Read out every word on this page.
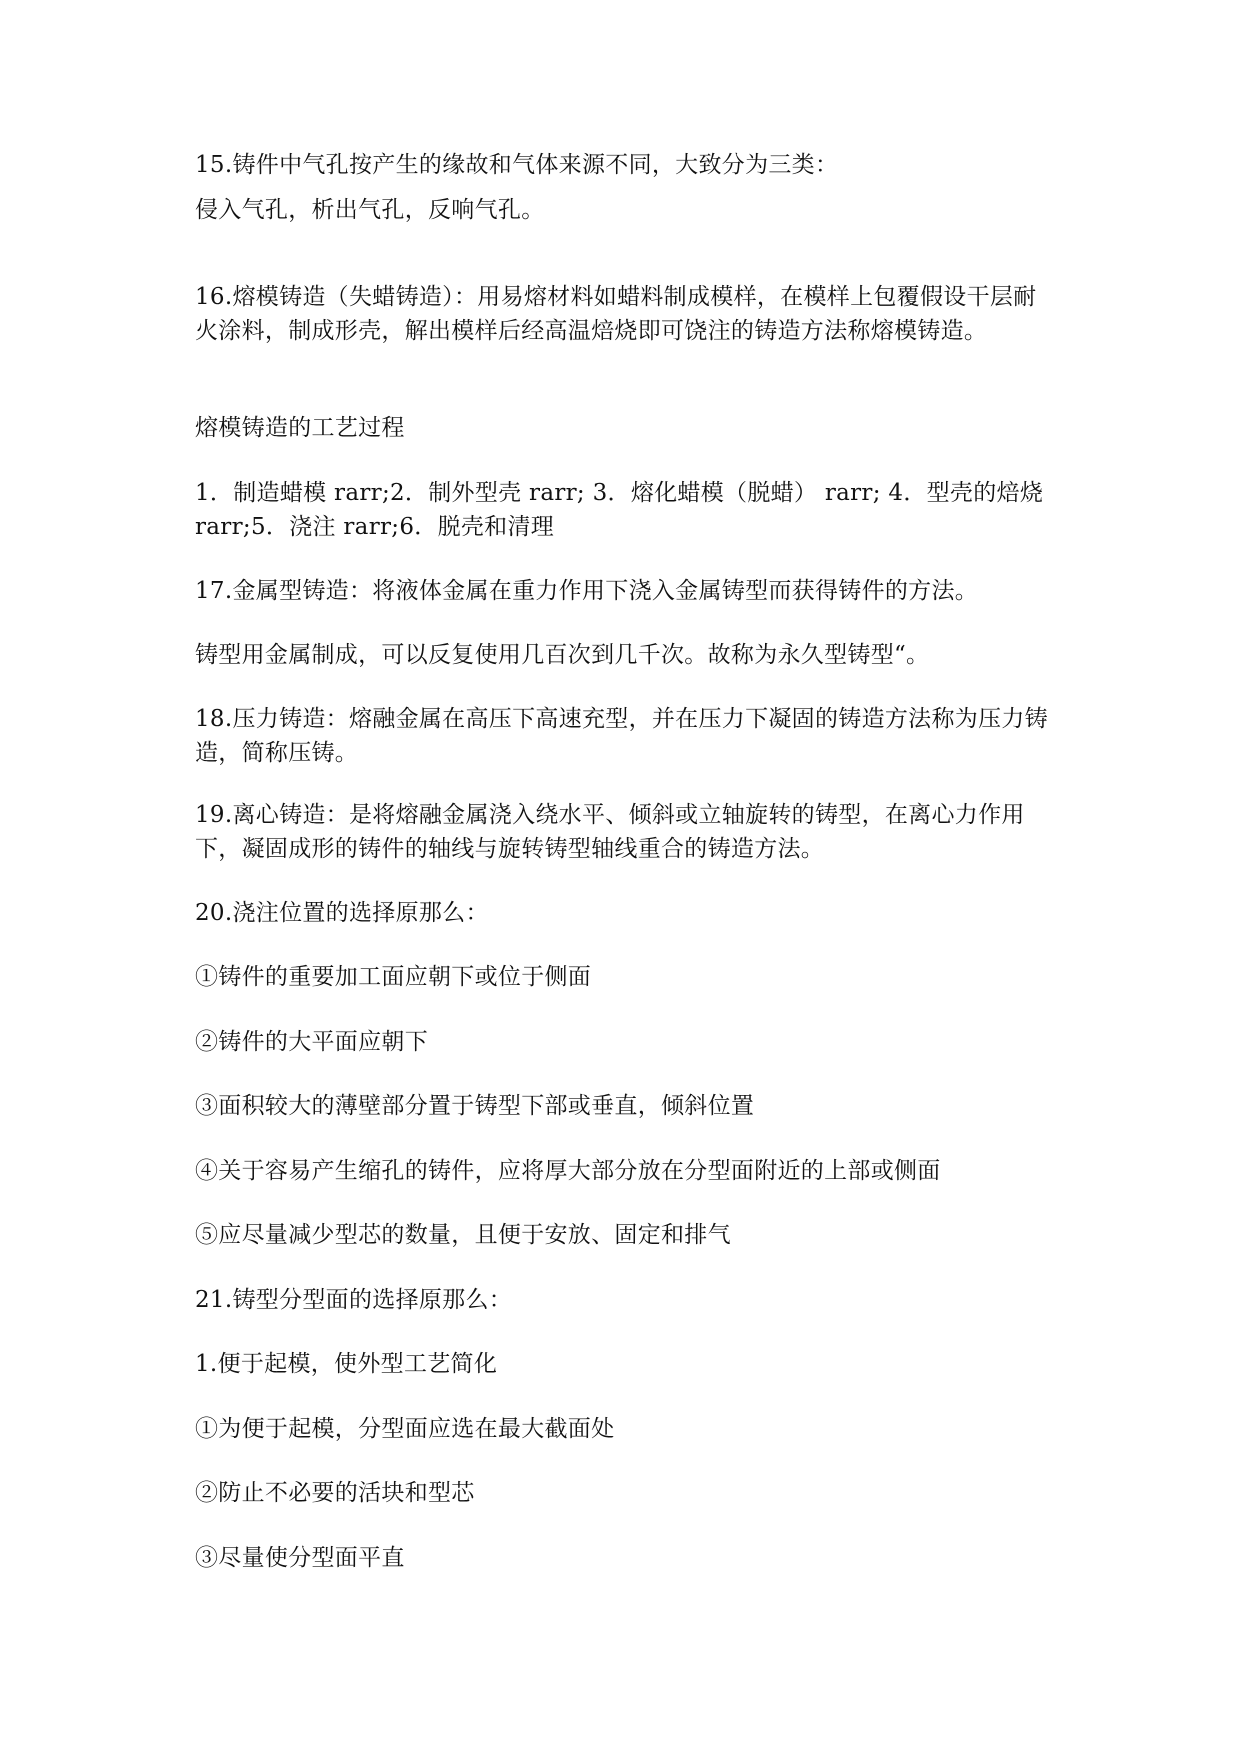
15.铸件中气孔按产生的缘故和气体来源不同，大致分为三类：

侵入气孔，析出气孔，反响气孔。

16.熔模铸造（失蜡铸造）：用易熔材料如蜡料制成模样，在模样上包覆假设干层耐火涂料，制成形壳，解出模样后经高温焙烧即可饶注的铸造方法称熔模铸造。

熔模铸造的工艺过程

1．制造蜡模 rarr;2．制外型壳 rarr; 3．熔化蜡模（脱蜡） rarr; 4．型壳的焙烧 rarr;5．浇注 rarr;6．脱壳和清理

17.金属型铸造：将液体金属在重力作用下浇入金属铸型而获得铸件的方法。

铸型用金属制成，可以反复使用几百次到几千次。故称为永久型铸型“。

18.压力铸造：熔融金属在高压下高速充型，并在压力下凝固的铸造方法称为压力铸造，简称压铸。

19.离心铸造：是将熔融金属浇入绕水平、倾斜或立轴旋转的铸型，在离心力作用下，凝固成形的铸件的轴线与旋转铸型轴线重合的铸造方法。

20.浇注位置的选择原那么：

①铸件的重要加工面应朝下或位于侧面

②铸件的大平面应朝下

③面积较大的薄壁部分置于铸型下部或垂直，倾斜位置

④关于容易产生缩孔的铸件，应将厚大部分放在分型面附近的上部或侧面

⑤应尽量减少型芯的数量，且便于安放、固定和排气

21.铸型分型面的选择原那么：

1.便于起模，使外型工艺简化

①为便于起模，分型面应选在最大截面处

②防止不必要的活块和型芯

③尽量使分型面平直
